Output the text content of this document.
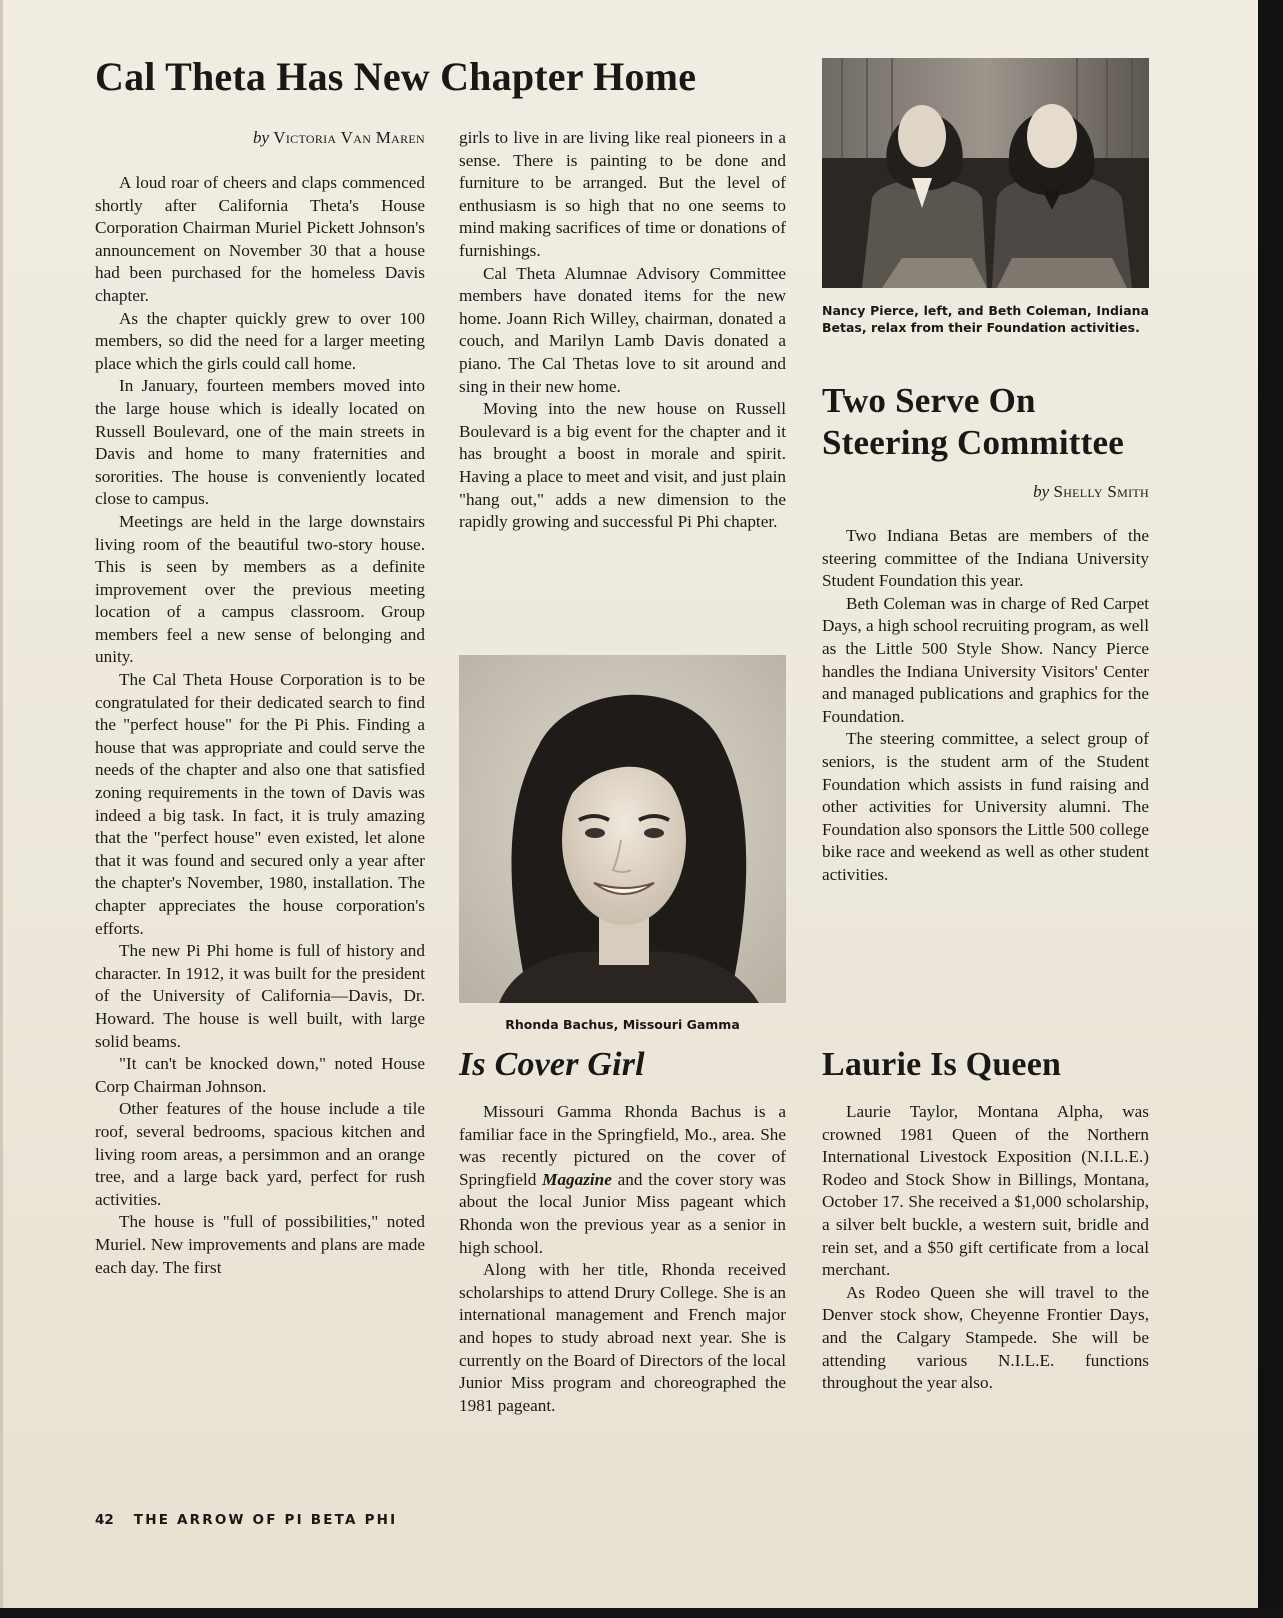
Cal Theta Has New Chapter Home

by Victoria Van Maren

A loud roar of cheers and claps commenced shortly after California Theta's House Corporation Chairman Muriel Pickett Johnson's announcement on November 30 that a house had been purchased for the homeless Davis chapter.

As the chapter quickly grew to over 100 members, so did the need for a larger meeting place which the girls could call home.

In January, fourteen members moved into the large house which is ideally located on Russell Boulevard, one of the main streets in Davis and home to many fraternities and sororities. The house is conveniently located close to campus.

Meetings are held in the large downstairs living room of the beautiful two-story house. This is seen by members as a definite improvement over the previous meeting location of a campus classroom. Group members feel a new sense of belonging and unity.

The Cal Theta House Corporation is to be congratulated for their dedicated search to find the "perfect house" for the Pi Phis. Finding a house that was appropriate and could serve the needs of the chapter and also one that satisfied zoning requirements in the town of Davis was indeed a big task. In fact, it is truly amazing that the "perfect house" even existed, let alone that it was found and secured only a year after the chapter's November, 1980, installation. The chapter appreciates the house corporation's efforts.

The new Pi Phi home is full of history and character. In 1912, it was built for the president of the University of California—Davis, Dr. Howard. The house is well built, with large solid beams.

"It can't be knocked down," noted House Corp Chairman Johnson.

Other features of the house include a tile roof, several bedrooms, spacious kitchen and living room areas, a persimmon and an orange tree, and a large back yard, perfect for rush activities.

The house is "full of possibilities," noted Muriel. New improvements and plans are made each day. The first

girls to live in are living like real pioneers in a sense. There is painting to be done and furniture to be arranged. But the level of enthusiasm is so high that no one seems to mind making sacrifices of time or donations of furnishings.

Cal Theta Alumnae Advisory Committee members have donated items for the new home. Joann Rich Willey, chairman, donated a couch, and Marilyn Lamb Davis donated a piano. The Cal Thetas love to sit around and sing in their new home.

Moving into the new house on Russell Boulevard is a big event for the chapter and it has brought a boost in morale and spirit. Having a place to meet and visit, and just plain "hang out," adds a new dimension to the rapidly growing and successful Pi Phi chapter.

Rhonda Bachus, Missouri Gamma

Is Cover Girl

Missouri Gamma Rhonda Bachus is a familiar face in the Springfield, Mo., area. She was recently pictured on the cover of Springfield Magazine and the cover story was about the local Junior Miss pageant which Rhonda won the previous year as a senior in high school.

Along with her title, Rhonda received scholarships to attend Drury College. She is an international management and French major and hopes to study abroad next year. She is currently on the Board of Directors of the local Junior Miss program and choreographed the 1981 pageant.

Nancy Pierce, left, and Beth Coleman, Indiana Betas, relax from their Foundation activities.

Two Serve On
Steering Committee

by Shelly Smith

Two Indiana Betas are members of the steering committee of the Indiana University Student Foundation this year.

Beth Coleman was in charge of Red Carpet Days, a high school recruiting program, as well as the Little 500 Style Show. Nancy Pierce handles the Indiana University Visitors' Center and managed publications and graphics for the Foundation.

The steering committee, a select group of seniors, is the student arm of the Student Foundation which assists in fund raising and other activities for University alumni. The Foundation also sponsors the Little 500 college bike race and weekend as well as other student activities.

Laurie Is Queen

Laurie Taylor, Montana Alpha, was crowned 1981 Queen of the Northern International Livestock Exposition (N.I.L.E.) Rodeo and Stock Show in Billings, Montana, October 17. She received a $1,000 scholarship, a silver belt buckle, a western suit, bridle and rein set, and a $50 gift certificate from a local merchant.

As Rodeo Queen she will travel to the Denver stock show, Cheyenne Frontier Days, and the Calgary Stampede. She will be attending various N.I.L.E. functions throughout the year also.

42 THE ARROW OF PI BETA PHI
